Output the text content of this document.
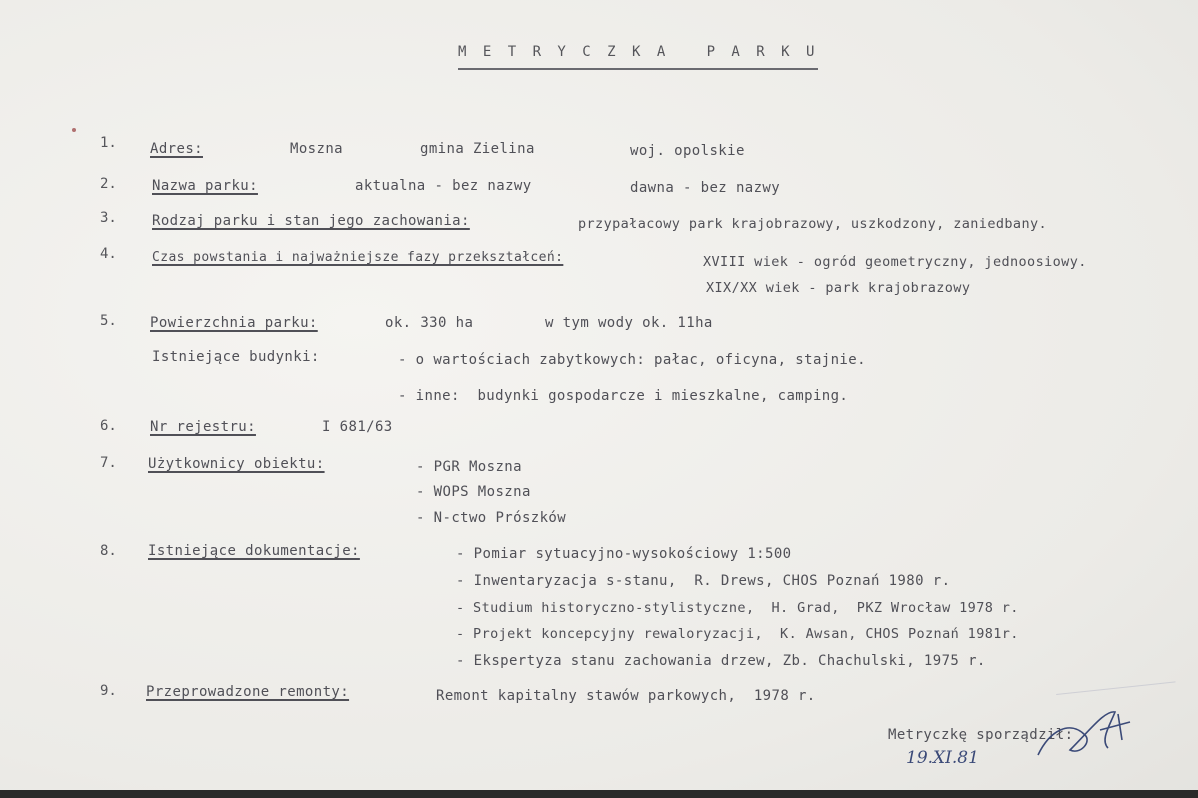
M E T R Y C Z K A   P A R K U
1. Adres:	Mosznа	gmina Zielina	woj. opolskie
2.	Nazwa parku:	aktualna - bez nazwy	dawna - bez nazwy
3.	Rodzaj parku i stan jego zachowania:	przypałacowy park krajobrazowy, uszkodzony, zaniedbany.
4.	Czas powstania i najważniejsze fazy przekształceń:	XVIII wiek - ogród geometryczny, jednoosiowy.
XIX/XX wiek - park krajobrazowy
5. Powierzchnia parku:	ok. 330 ha	w tym wody ok. 11ha
Istniejące budynki:	- o wartościach zabytkowych: pałac, oficyna, stajnie.
- inne:  budynki gospodarcze i mieszkalne, camping.
6. Nr rejestru:	I 681/63
7. Użytkownicy obiektu:	- PGR Moszna
- WOPS Moszna
- N-ctwo Prószków
8. Istniejące dokumentacje:	- Pomiar sytuacyjno-wysokościowy 1:500
- Inwentaryzacja s-stanu,  R. Drews, CHOS Poznań 1980 r.
- Studium historyczno-stylistyczne,  H. Grad,  PKZ Wrocław 1978 r.
- Projekt koncepcyjny rewaloryzacji,  K. Awsan, CHOS Poznań 1981r.
- Ekspertyza stanu zachowania drzew, Zb. Chachulski, 1975 r.
9. Przeprowadzone remonty:	Remont kapitalny stawów parkowych,  1978 r.
Metryczkę sporządził:
19.XI.81
